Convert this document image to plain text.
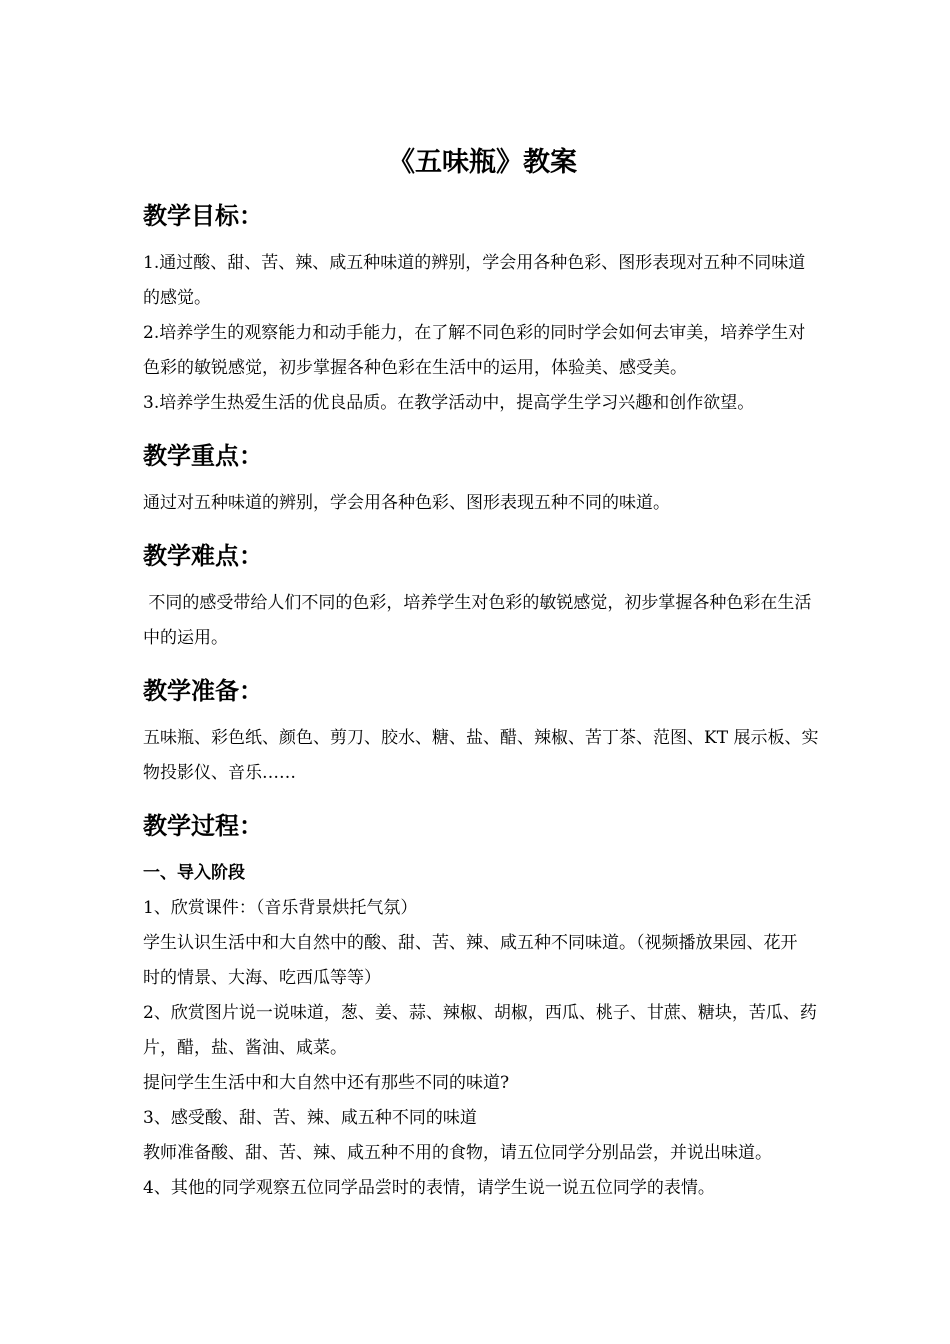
《五味瓶》教案
教学目标：

1.通过酸、甜、苦、辣、咸五种味道的辨别，学会用各种色彩、图形表现对五种不同味道

的感觉。

2.培养学生的观察能力和动手能力，在了解不同色彩的同时学会如何去审美，培养学生对

色彩的敏锐感觉，初步掌握各种色彩在生活中的运用，体验美、感受美。

3.培养学生热爱生活的优良品质。在教学活动中，提高学生学习兴趣和创作欲望。

教学重点：

通过对五种味道的辨别，学会用各种色彩、图形表现五种不同的味道。

教学难点：

不同的感受带给人们不同的色彩，培养学生对色彩的敏锐感觉，初步掌握各种色彩在生活

中的运用。

教学准备：

五味瓶、彩色纸、颜色、剪刀、胶水、糖、盐、醋、辣椒、苦丁茶、范图、KT 展示板、实

物投影仪、音乐……

教学过程：
一、导入阶段

1、欣赏课件：（音乐背景烘托气氛）

学生认识生活中和大自然中的酸、甜、苦、辣、咸五种不同味道。（视频播放果园、花开

时的情景、大海、吃西瓜等等）

2、欣赏图片说一说味道，葱、姜、蒜、辣椒、胡椒，西瓜、桃子、甘蔗、糖块，苦瓜、药

片，醋，盐、酱油、咸菜。

提问学生生活中和大自然中还有那些不同的味道?

3、感受酸、甜、苦、辣、咸五种不同的味道

教师准备酸、甜、苦、辣、咸五种不用的食物，请五位同学分别品尝，并说出味道。

4、其他的同学观察五位同学品尝时的表情，请学生说一说五位同学的表情。
